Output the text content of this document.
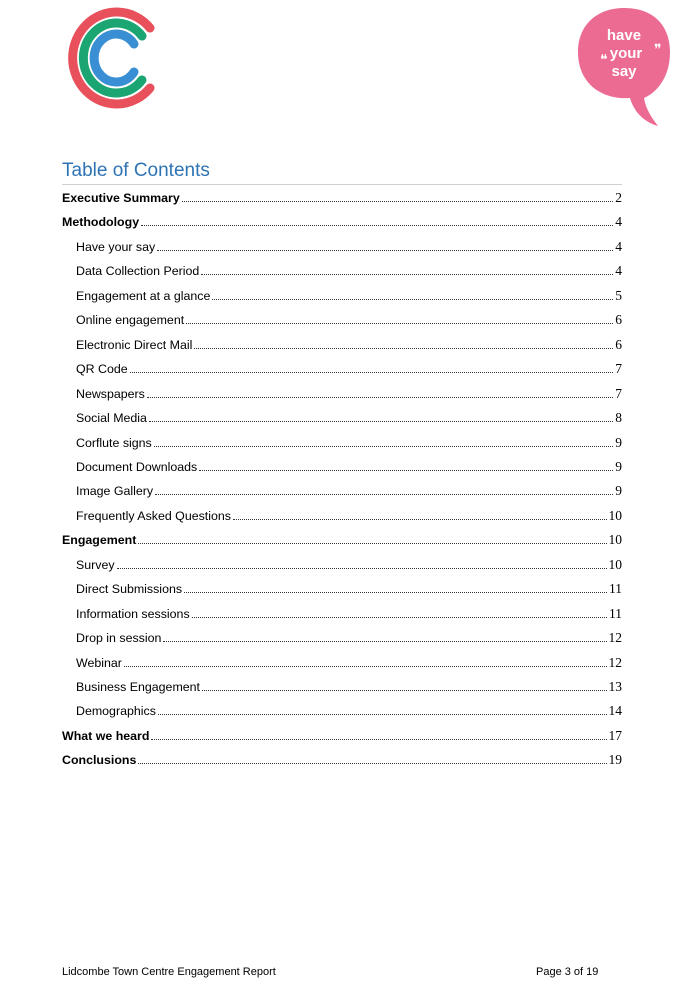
❝
❞
have
your
say
Table of Contents
Executive Summary	2
Methodology	4
Have your say	4
Data Collection Period	4
Engagement at a glance	5
Online engagement	6
Electronic Direct Mail	6
QR Code	7
Newspapers	7
Social Media	8
Corflute signs	9
Document Downloads	9
Image Gallery	9
Frequently Asked Questions	10
Engagement	10
Survey	10
Direct Submissions	11
Information sessions	11
Drop in session	12
Webinar	12
Business Engagement	13
Demographics	14
What we heard	17
Conclusions	19
Lidcombe Town Centre Engagement Report	Page 3 of 19
